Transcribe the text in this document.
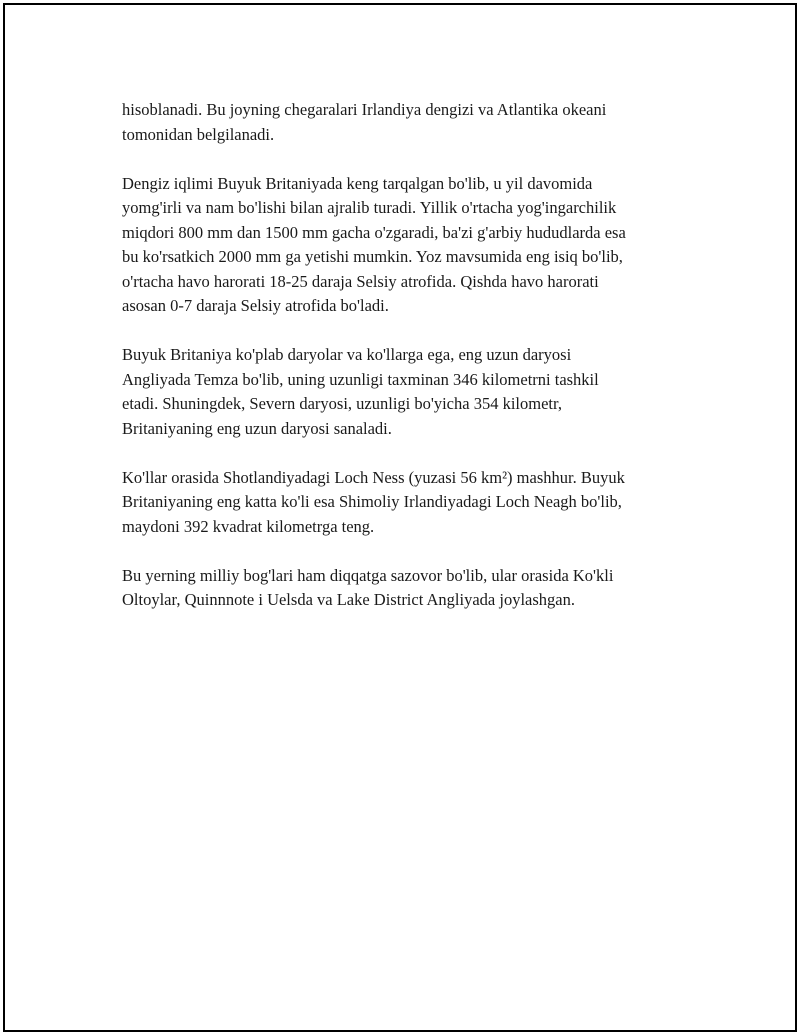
hisoblanadi. Bu joyning chegaralari Irlandiya dengizi va Atlantika okeani
tomonidan belgilanadi.

Dengiz iqlimi Buyuk Britaniyada keng tarqalgan bo'lib, u yil davomida
yomg'irli va nam bo'lishi bilan ajralib turadi. Yillik o'rtacha yog'ingarchilik
miqdori 800 mm dan 1500 mm gacha o'zgaradi, ba'zi g'arbiy hududlarda esa
bu ko'rsatkich 2000 mm ga yetishi mumkin. Yoz mavsumida eng isiq bo'lib,
o'rtacha havo harorati 18-25 daraja Selsiy atrofida. Qishda havo harorati
asosan 0-7 daraja Selsiy atrofida bo'ladi.

Buyuk Britaniya ko'plab daryolar va ko'llarga ega, eng uzun daryosi
Angliyada Temza bo'lib, uning uzunligi taxminan 346 kilometrni tashkil
etadi. Shuningdek, Severn daryosi, uzunligi bo'yicha 354 kilometr,
Britaniyaning eng uzun daryosi sanaladi.

Ko'llar orasida Shotlandiyadagi Loch Ness (yuzasi 56 km²) mashhur. Buyuk
Britaniyaning eng katta ko'li esa Shimoliy Irlandiyadagi Loch Neagh bo'lib,
maydoni 392 kvadrat kilometrga teng.

Bu yerning milliy bog'lari ham diqqatga sazovor bo'lib, ular orasida Ko'kli
Oltoylar, Quinnnote i Uelsda va Lake District Angliyada joylashgan.
